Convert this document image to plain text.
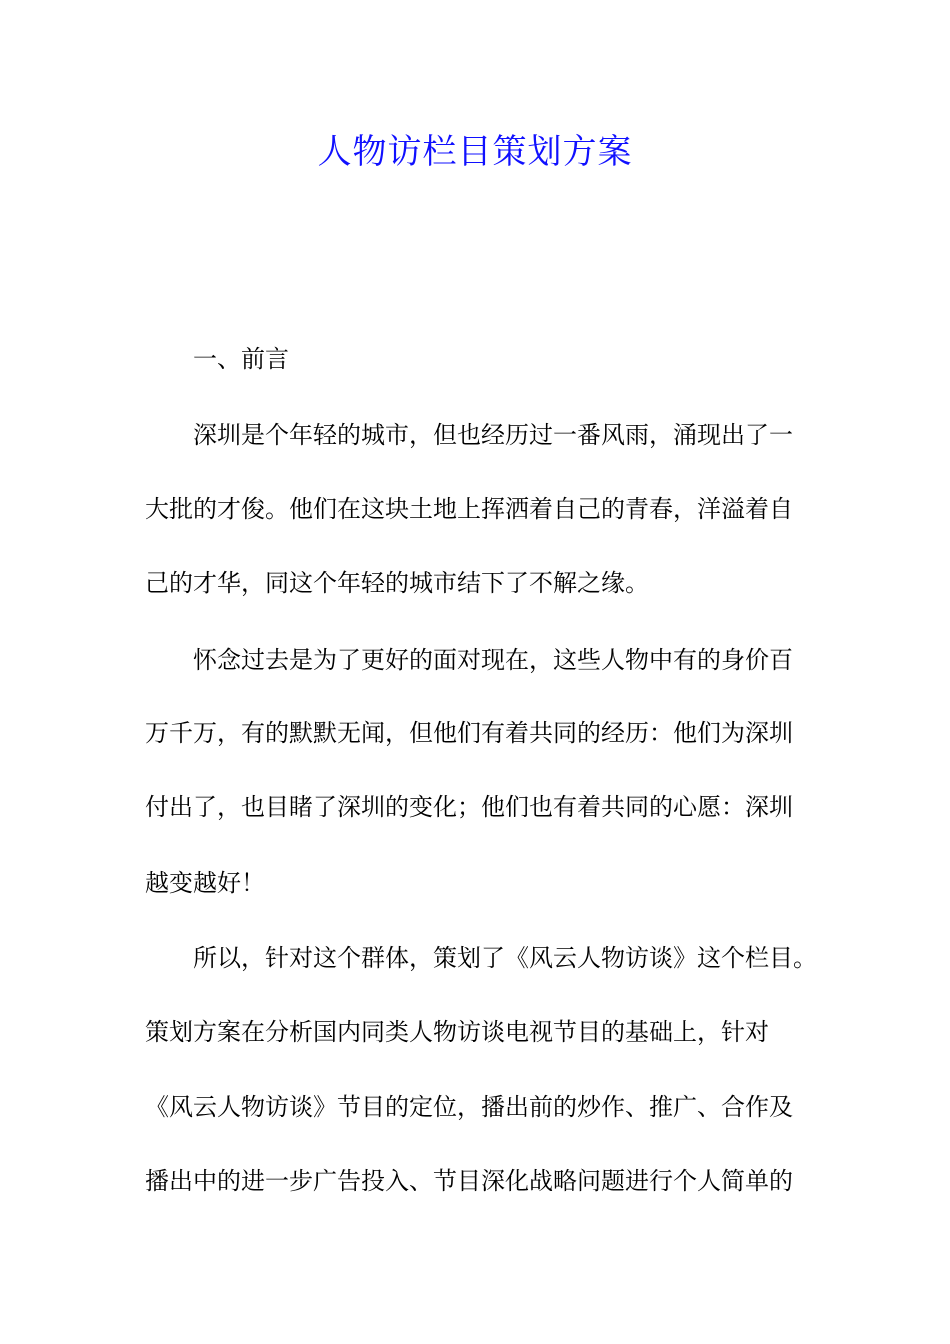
人物访栏目策划方案
一、前言
深圳是个年轻的城市，但也经历过一番风雨，涌现出了一
大批的才俊。他们在这块土地上挥洒着自己的青春，洋溢着自
己的才华，同这个年轻的城市结下了不解之缘。
怀念过去是为了更好的面对现在，这些人物中有的身价百
万千万，有的默默无闻，但他们有着共同的经历：他们为深圳
付出了，也目睹了深圳的变化；他们也有着共同的心愿：深圳
越变越好！
所以，针对这个群体，策划了《风云人物访谈》这个栏目。
策划方案在分析国内同类人物访谈电视节目的基础上，针对
《风云人物访谈》节目的定位，播出前的炒作、推广、合作及
播出中的进一步广告投入、节目深化战略问题进行个人简单的
